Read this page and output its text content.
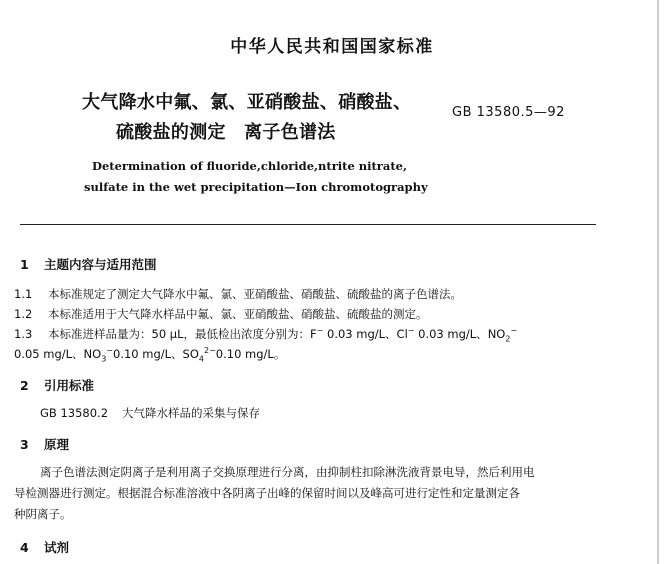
中华人民共和国国家标准
大气降水中氟、氯、亚硝酸盐、硝酸盐、
硫酸盐的测定　离子色谱法
GB 13580.5—92
Determination of fluoride,chloride,ntrite nitrate,
sulfate in the wet precipitation—Ion chromotography
1 主题内容与适用范围
1.1 本标准规定了测定大气降水中氟、氯、亚硝酸盐、硝酸盐、硫酸盐的离子色谱法。
1.2 本标准适用于大气降水样品中氟、氯、亚硝酸盐、硝酸盐、硫酸盐的测定。
1.3 本标准进样品量为：50 μL，最低检出浓度分别为：F− 0.03 mg/L、Cl− 0.03 mg/L、$NO_2^-$
0.05 mg/L、$NO_3^-0.10$ mg/L、$SO_4^{2-}0.10$ mg/L。
2 引用标准
GB 13580.2 大气降水样品的采集与保存
3 原理
离子色谱法测定阴离子是利用离子交换原理进行分离，由抑制柱扣除淋洗液背景电导，然后利用电
导检测器进行测定。根据混合标准溶液中各阴离子出峰的保留时间以及峰高可进行定性和定量测定各
种阴离子。
4 试剂
